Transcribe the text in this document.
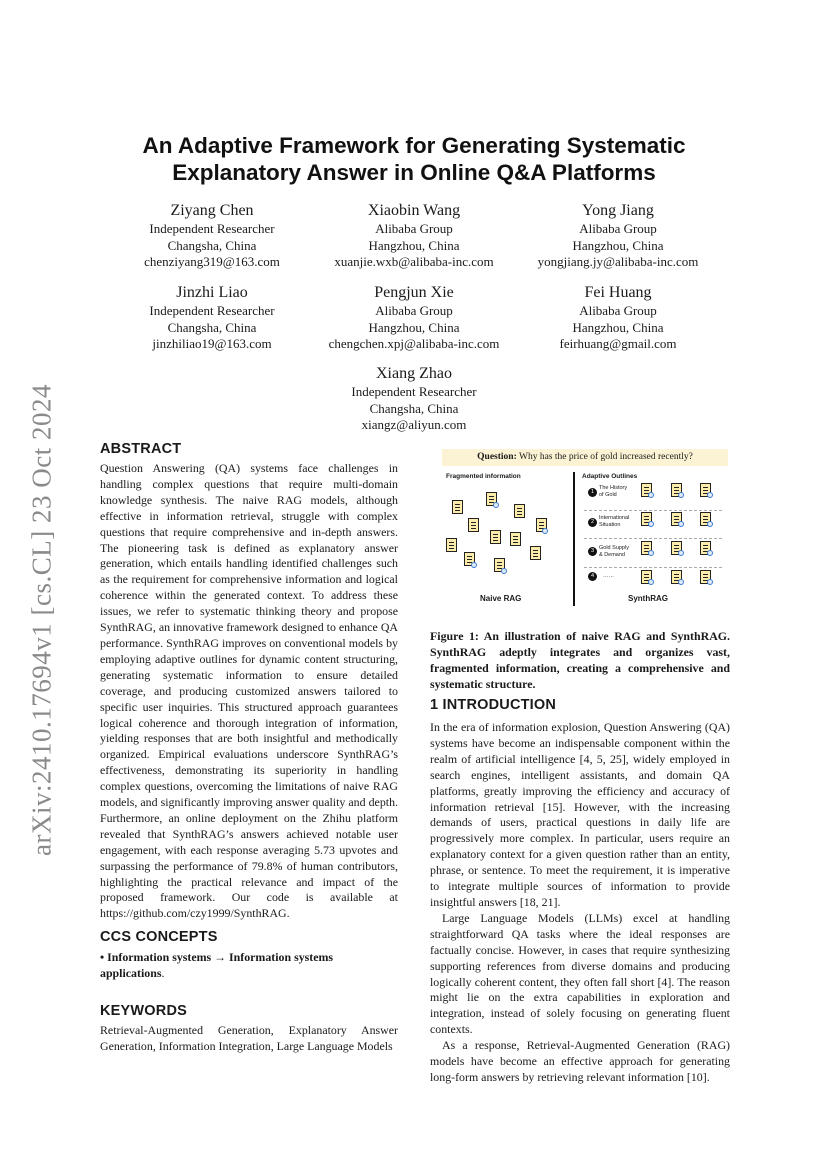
arXiv:2410.17694v1 [cs.CL] 23 Oct 2024
An Adaptive Framework for Generating Systematic
Explanatory Answer in Online Q&A Platforms
Ziyang Chen
Independent Researcher
Changsha, China
chenziyang319@163.com
Xiaobin Wang
Alibaba Group
Hangzhou, China
xuanjie.wxb@alibaba-inc.com
Yong Jiang
Alibaba Group
Hangzhou, China
yongjiang.jy@alibaba-inc.com
Jinzhi Liao
Independent Researcher
Changsha, China
jinzhiliao19@163.com
Pengjun Xie
Alibaba Group
Hangzhou, China
chengchen.xpj@alibaba-inc.com
Fei Huang
Alibaba Group
Hangzhou, China
feirhuang@gmail.com
Xiang Zhao
Independent Researcher
Changsha, China
xiangz@aliyun.com
ABSTRACT

Question Answering (QA) systems face challenges in handling complex questions that require multi-domain knowledge synthesis. The naive RAG models, although effective in information retrieval, struggle with complex questions that require comprehensive and in-depth answers. The pioneering task is defined as explanatory answer generation, which entails handling identified challenges such as the requirement for comprehensive information and logical coherence within the generated context. To address these issues, we refer to systematic thinking theory and propose SynthRAG, an innovative framework designed to enhance QA performance. SynthRAG improves on conventional models by employing adaptive outlines for dynamic content structuring, generating systematic information to ensure detailed coverage, and producing customized answers tailored to specific user inquiries. This structured approach guarantees logical coherence and thorough integration of information, yielding responses that are both insightful and methodically organized. Empirical evaluations underscore SynthRAG’s effectiveness, demonstrating its superiority in handling complex questions, overcoming the limitations of naive RAG models, and significantly improving answer quality and depth. Furthermore, an online deployment on the Zhihu platform revealed that SynthRAG’s answers achieved notable user engagement, with each response averaging 5.73 upvotes and surpassing the performance of 79.8% of human contributors, highlighting the practical relevance and impact of the proposed framework. Our code is available at https://github.com/czy1999/SynthRAG.

CCS CONCEPTS
• Information systems → Information systems applications.
KEYWORDS

Retrieval-Augmented Generation, Explanatory Answer Generation, Information Integration, Large Language Models

Question: Why has the price of gold increased recently?
Fragmented information	Adaptive Outlines
Naive RAG	SynthRAG
1
The History
of Gold
2
International
Situation
3 Gold Supply
& Demand
4	……
Figure 1: An illustration of naive RAG and SynthRAG. SynthRAG adeptly integrates and organizes vast, fragmented information, creating a comprehensive and systematic structure.
1 INTRODUCTION

In the era of information explosion, Question Answering (QA) systems have become an indispensable component within the realm of artificial intelligence [4, 5, 25], widely employed in search engines, intelligent assistants, and domain QA platforms, greatly improving the efficiency and accuracy of information retrieval [15]. However, with the increasing demands of users, practical questions in daily life are progressively more complex. In particular, users require an explanatory context for a given question rather than an entity, phrase, or sentence. To meet the requirement, it is imperative to integrate multiple sources of information to provide insightful answers [18, 21].

Large Language Models (LLMs) excel at handling straightforward QA tasks where the ideal responses are factually concise. However, in cases that require synthesizing supporting references from diverse domains and producing logically coherent content, they often fall short [4]. The reason might lie on the extra capabilities in exploration and integration, instead of solely focusing on generating fluent contexts.

As a response, Retrieval-Augmented Generation (RAG) models have become an effective approach for generating long-form answers by retrieving relevant information [10].
